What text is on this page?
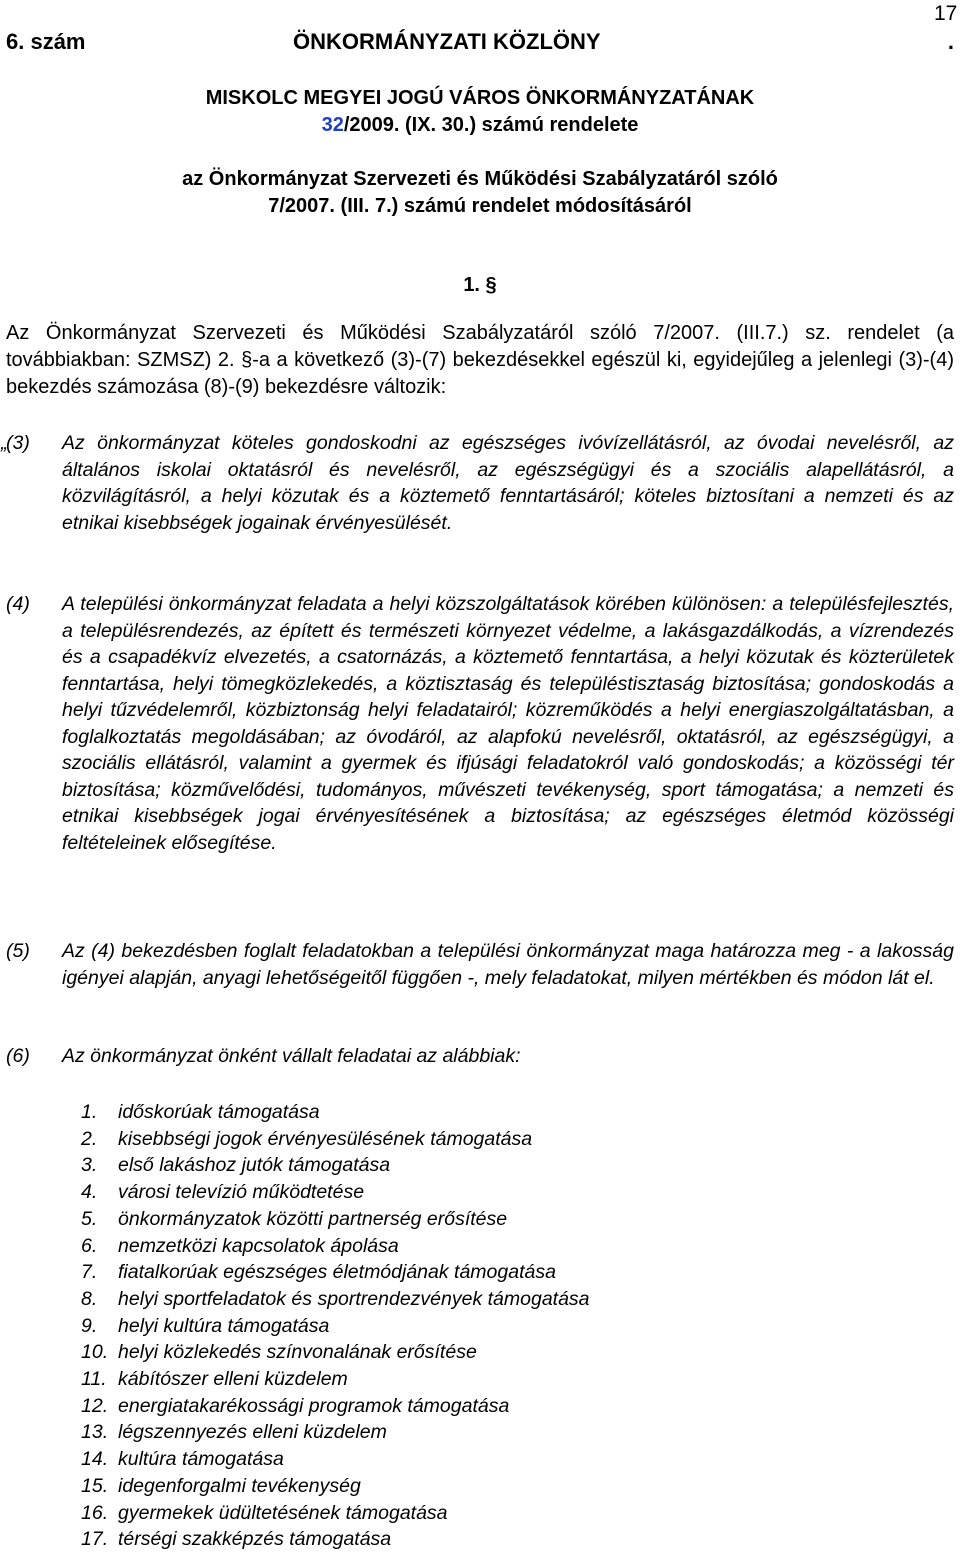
17
6. szám	ÖNKORMÁNYZATI KÖZLÖNY	.
MISKOLC MEGYEI JOGÚ VÁROS ÖNKORMÁNYZATÁNAK
32/2009. (IX. 30.) számú rendelete
az Önkormányzat Szervezeti és Működési Szabályzatáról szóló
7/2007. (III. 7.) számú rendelet módosításáról
1. §
Az Önkormányzat Szervezeti és Működési Szabályzatáról szóló 7/2007. (III.7.) sz. rendelet (a továbbiakban: SZMSZ) 2. §-a a következő (3)-(7) bekezdésekkel egészül ki, egyidejűleg a jelenlegi (3)-(4) bekezdés számozása (8)-(9) bekezdésre változik:
„
(3) Az önkormányzat köteles gondoskodni az egészséges ivóvízellátásról, az óvodai nevelésről, az általános iskolai oktatásról és nevelésről, az egészségügyi és a szociális alapellátásról, a közvilágításról, a helyi közutak és a köztemető fenntartásáról; köteles biztosítani a nemzeti és az etnikai kisebbségek jogainak érvényesülését.
(4) A települési önkormányzat feladata a helyi közszolgáltatások körében különösen: a településfejlesztés, a településrendezés, az épített és természeti környezet védelme, a lakásgazdálkodás, a vízrendezés és a csapadékvíz elvezetés, a csatornázás, a köztemető fenntartása, a helyi közutak és közterületek fenntartása, helyi tömegközlekedés, a köztisztaság és településtisztaság biztosítása; gondoskodás a helyi tűzvédelemről, közbiztonság helyi feladatairól; közreműködés a helyi energiaszolgáltatásban, a foglalkoztatás megoldásában; az óvodáról, az alapfokú nevelésről, oktatásról, az egészségügyi, a szociális ellátásról, valamint a gyermek és ifjúsági feladatokról való gondoskodás; a közösségi tér biztosítása; közművelődési, tudományos, művészeti tevékenység, sport támogatása; a nemzeti és etnikai kisebbségek jogai érvényesítésének a biztosítása; az egészséges életmód közösségi feltételeinek elősegítése.
(5) Az (4) bekezdésben foglalt feladatokban a települési önkormányzat maga határozza meg - a lakosság igényei alapján, anyagi lehetőségeitől függően -, mely feladatokat, milyen mértékben és módon lát el.
(6) Az önkormányzat önként vállalt feladatai az alábbiak:
1.	időskorúak támogatása
2.	kisebbségi jogok érvényesülésének támogatása
3.	első lakáshoz jutók támogatása
4.	városi televízió működtetése
5.	önkormányzatok közötti partnerség erősítése
6.	nemzetközi kapcsolatok ápolása
7.	fiatalkorúak egészséges életmódjának támogatása
8.	helyi sportfeladatok és sportrendezvények támogatása
9.	helyi kultúra támogatása
10. helyi közlekedés színvonalának erősítése
11. kábítószer elleni küzdelem
12. energiatakarékossági programok támogatása
13. légszennyezés elleni küzdelem
14. kultúra támogatása
15. idegenforgalmi tevékenység
16. gyermekek üdültetésének támogatása
17. térségi szakképzés támogatása
